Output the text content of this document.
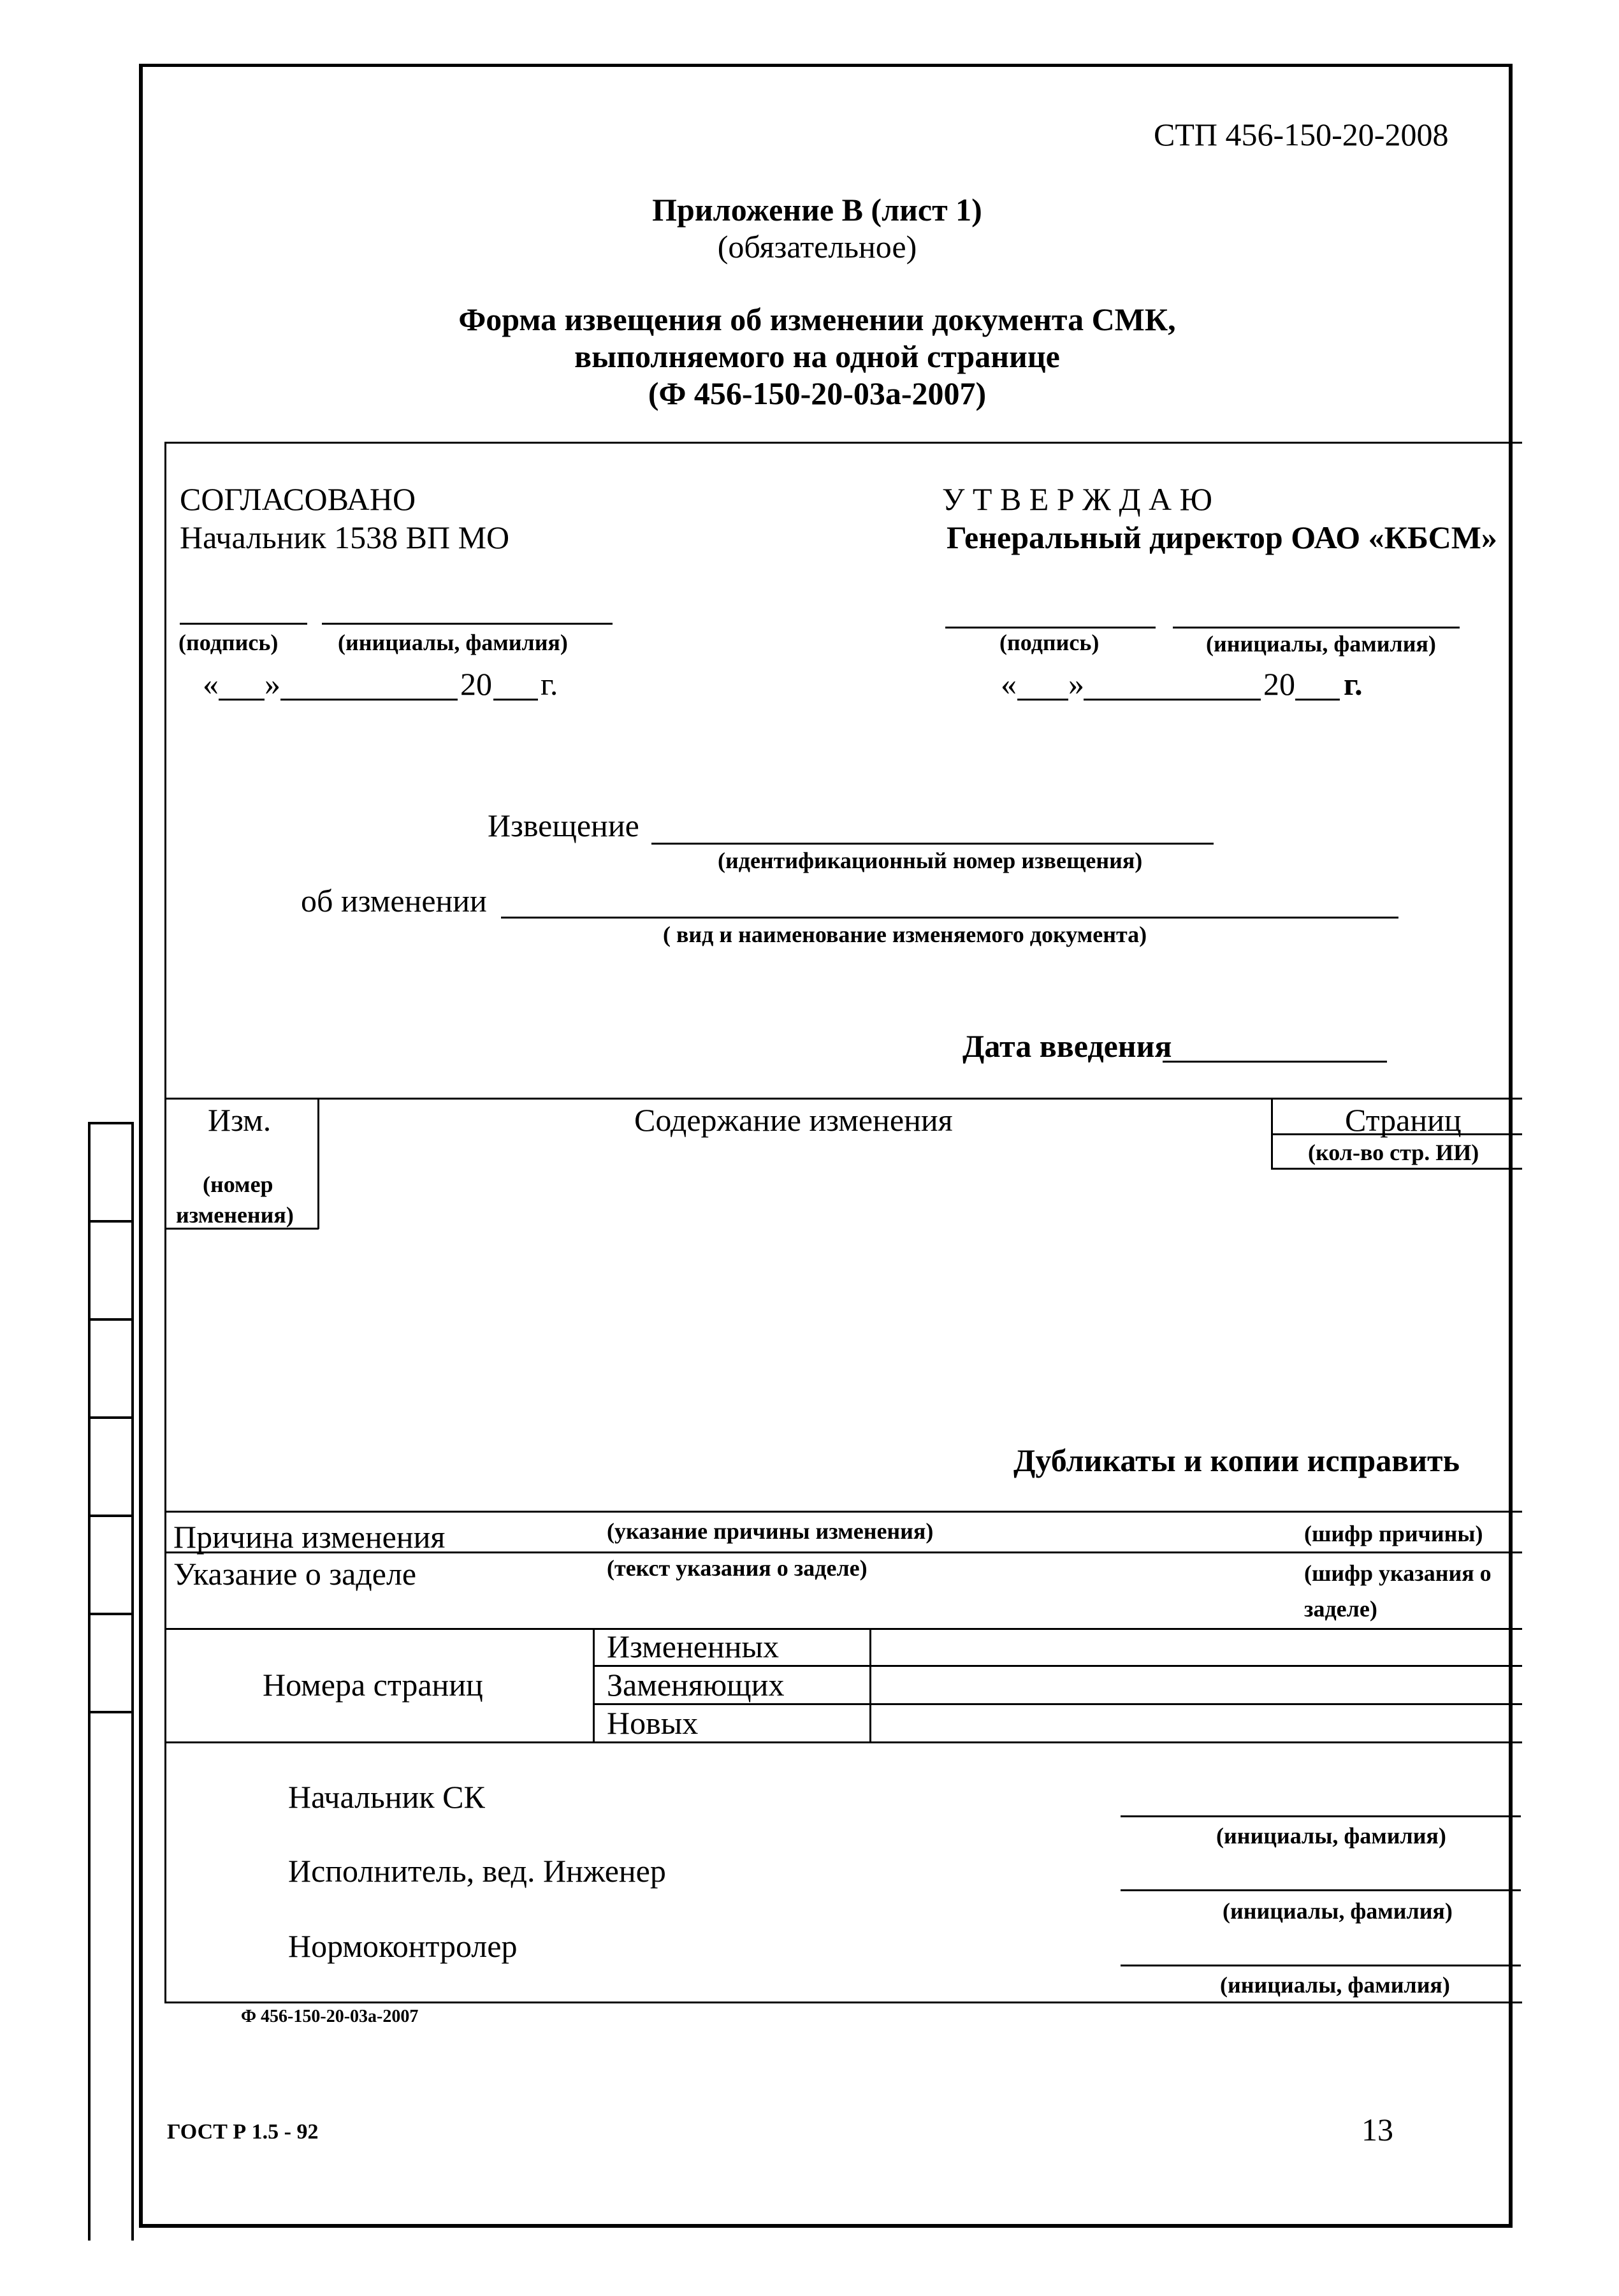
СТП 456-150-20-2008
Приложение В (лист 1)
(обязательное)
Форма извещения об изменении документа СМК,
выполняемого на одной странице
(Ф 456-150-20-03а-2007)
СОГЛАСОВАНО
Начальник 1538 ВП МО
(подпись)	(инициалы, фамилия)
« »	20 г.
У Т В Е Р Ж Д А Ю
Генеральный директор ОАО «КБСМ»
(подпись)	(инициалы, фамилия)
« »	20 г.
Извещение
(идентификационный номер извещения)
об изменении
( вид и наименование изменяемого документа)
Дата введения
Изм.
(номер
изменения)
Содержание изменения	Страниц
(кол-во стр. ИИ)
Дубликаты и копии исправить
Причина изменения	(указание причины изменения)	(шифр причины)
Указание о заделе	(текст указания о заделе)	(шифр указания о
заделе)
Номера страниц
Измененных
Заменяющих
Новых
Начальник СК
(инициалы, фамилия)
Исполнитель, вед. Инженер
(инициалы, фамилия)
Нормоконтролер
(инициалы, фамилия)
Ф 456-150-20-03а-2007
ГОСТ Р 1.5 - 92	13
